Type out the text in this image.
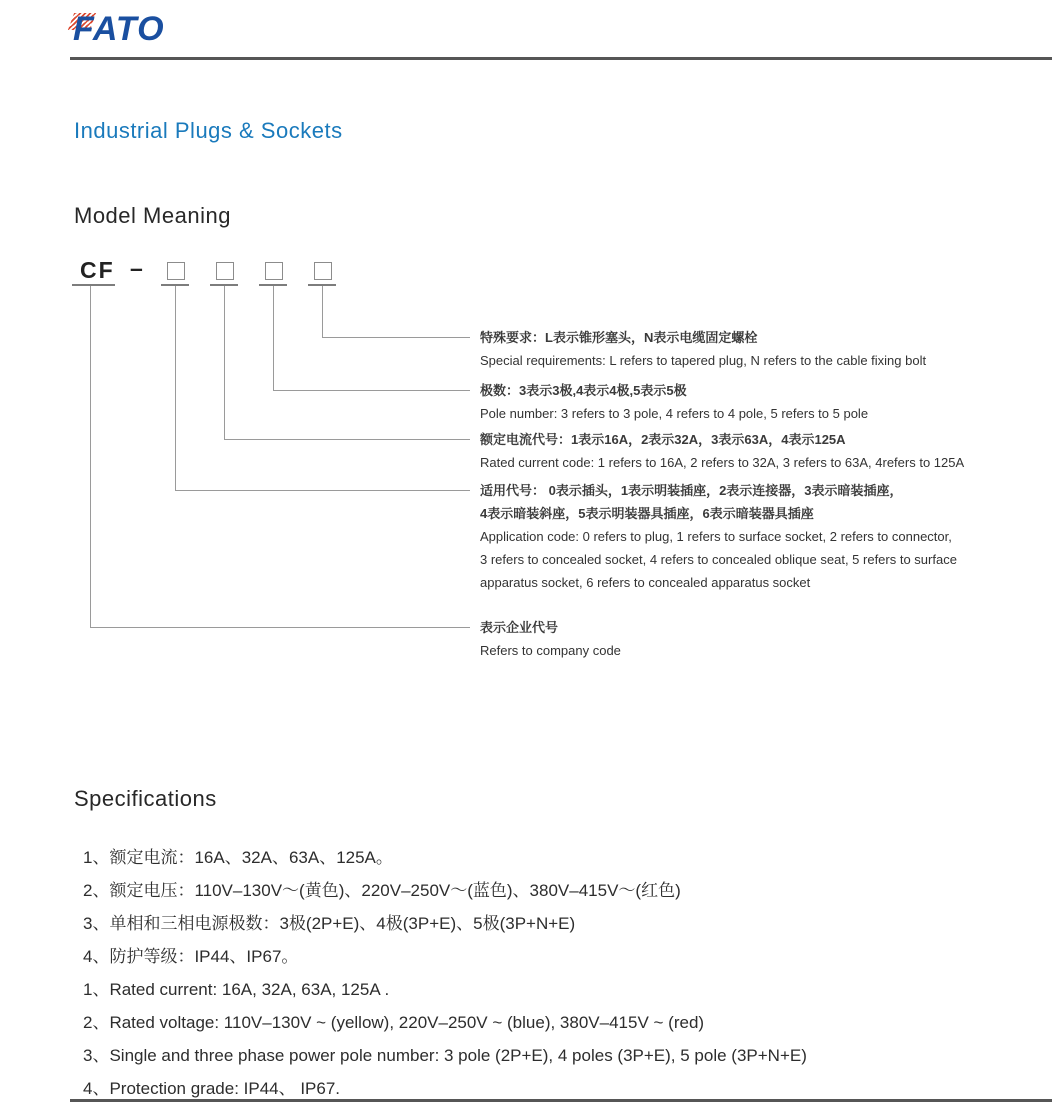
FATO
Industrial Plugs & Sockets
Model Meaning
CF –
特殊要求：L表示锥形塞头，N表示电缆固定螺栓
Special requirements: L refers to tapered plug, N refers to the cable fixing bolt
极数：3表示3极,4表示4极,5表示5极
Pole number: 3 refers to 3 pole, 4 refers to 4 pole, 5 refers to 5 pole
额定电流代号：1表示16A，2表示32A，3表示63A，4表示125A
Rated current code: 1 refers to 16A, 2 refers to 32A, 3 refers to 63A, 4refers to 125A
适用代号： 0表示插头，1表示明装插座，2表示连接器，3表示暗装插座，
4表示暗装斜座，5表示明装器具插座，6表示暗装器具插座
Application code: 0 refers to plug, 1 refers to surface socket, 2 refers to connector,
3 refers to concealed socket, 4 refers to concealed oblique seat, 5 refers to surface
apparatus socket, 6 refers to concealed apparatus socket
表示企业代号
Refers to company code
Specifications
1、额定电流：16A、32A、63A、125A。
2、额定电压：110V–130V～(黄色)、220V–250V～(蓝色)、380V–415V～(红色)
3、单相和三相电源极数：3极(2P+E)、4极(3P+E)、5极(3P+N+E)
4、防护等级：IP44、IP67。
1、Rated current: 16A, 32A, 63A, 125A .
2、Rated voltage: 110V–130V ~ (yellow), 220V–250V ~ (blue), 380V–415V ~ (red)
3、Single and three phase power pole number: 3 pole (2P+E), 4 poles (3P+E), 5 pole (3P+N+E)
4、Protection grade: IP44、 IP67.
